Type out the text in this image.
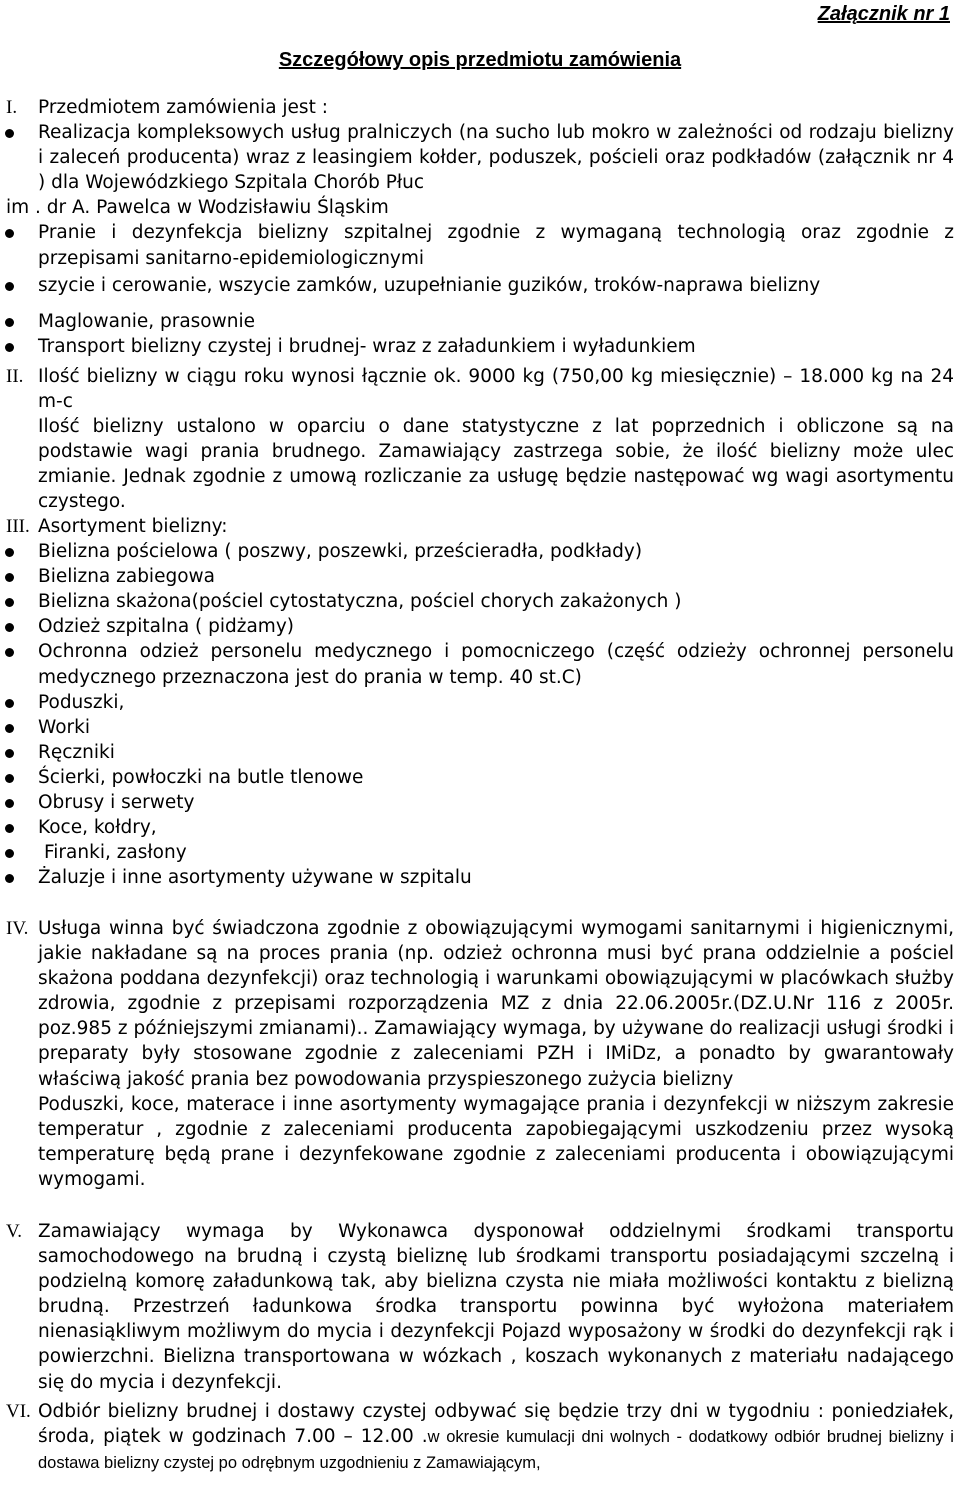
Załącznik nr 1
Szczegółowy opis przedmiotu zamówienia
I. Przedmiotem zamówienia jest :
Realizacja kompleksowych usług pralniczych (na sucho lub mokro w zależności od rodzaju bielizny i zaleceń producenta) wraz z leasingiem kołder, poduszek, pościeli oraz podkładów (załącznik nr 4 ) dla Wojewódzkiego Szpitala Chorób Płuc
im . dr A. Pawelca w Wodzisławiu Śląskim
Pranie i dezynfekcja bielizny szpitalnej zgodnie z wymaganą technologią oraz zgodnie z przepisami sanitarno-epidemiologicznymi
szycie i cerowanie, wszycie zamków, uzupełnianie guzików, troków-naprawa bielizny
Maglowanie, prasownie
Transport bielizny czystej i brudnej- wraz z załadunkiem i wyładunkiem
II. Ilość bielizny w ciągu roku wynosi łącznie ok. 9000 kg (750,00 kg miesięcznie) – 18.000 kg na 24 m-c
Ilość bielizny ustalono w oparciu o dane statystyczne z lat poprzednich i obliczone są na podstawie wagi prania brudnego. Zamawiający zastrzega sobie, że ilość bielizny może ulec zmianie. Jednak zgodnie z umową rozliczanie za usługę będzie następować wg wagi asortymentu czystego.
III. Asortyment bielizny:
Bielizna pościelowa ( poszwy, poszewki, prześcieradła, podkłady)
Bielizna zabiegowa
Bielizna skażona(pościel cytostatyczna, pościel chorych zakażonych )
Odzież szpitalna ( pidżamy)
Ochronna odzież personelu medycznego i pomocniczego (część odzieży ochronnej personelu medycznego przeznaczona jest do prania w temp. 40 st.C)
Poduszki,
Worki
Ręczniki
Ścierki, powłoczki na butle tlenowe
Obrusy i serwety
Koce, kołdry,
Firanki, zasłony
Żaluzje i inne asortymenty używane w szpitalu
IV. Usługa winna być świadczona zgodnie z obowiązującymi wymogami sanitarnymi i higienicznymi, jakie nakładane są na proces prania (np. odzież ochronna musi być prana oddzielnie a pościel skażona poddana dezynfekcji) oraz technologią i warunkami obowiązującymi w placówkach służby zdrowia, zgodnie z przepisami rozporządzenia MZ z dnia 22.06.2005r.(DZ.U.Nr 116 z 2005r. poz.985 z późniejszymi zmianami).. Zamawiający wymaga, by używane do realizacji usługi środki i preparaty były stosowane zgodnie z zaleceniami PZH i IMiDz, a ponadto by gwarantowały właściwą jakość prania bez powodowania przyspieszonego zużycia bielizny
Poduszki, koce, materace i inne asortymenty wymagające prania i dezynfekcji w niższym zakresie temperatur , zgodnie z zaleceniami producenta zapobiegającymi uszkodzeniu przez wysoką temperaturę będą prane i dezynfekowane zgodnie z zaleceniami producenta i obowiązującymi wymogami.
V. Zamawiający wymaga by Wykonawca dysponował oddzielnymi środkami transportu samochodowego na brudną i czystą bieliznę lub środkami transportu posiadającymi szczelną i podzielną komorę załadunkową tak, aby bielizna czysta nie miała możliwości kontaktu z bielizną brudną. Przestrzeń ładunkowa środka transportu powinna być wyłożona materiałem nienasiąkliwym możliwym do mycia i dezynfekcji Pojazd wyposażony w środki do dezynfekcji rąk i powierzchni. Bielizna transportowana w wózkach , koszach wykonanych z materiału nadającego się do mycia i dezynfekcji.
VI. Odbiór bielizny brudnej i dostawy czystej odbywać się będzie trzy dni w tygodniu : poniedziałek, środa, piątek w godzinach 7.00 – 12.00 .w okresie kumulacji dni wolnych - dodatkowy odbiór brudnej bielizny i dostawa bielizny czystej po odrębnym uzgodnieniu z Zamawiającym,
